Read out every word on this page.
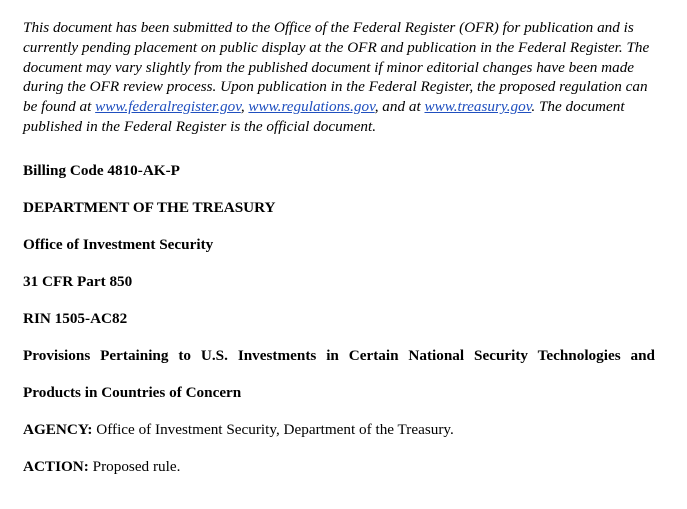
This document has been submitted to the Office of the Federal Register (OFR) for publication and is currently pending placement on public display at the OFR and publication in the Federal Register. The document may vary slightly from the published document if minor editorial changes have been made during the OFR review process. Upon publication in the Federal Register, the proposed regulation can be found at www.federalregister.gov, www.regulations.gov, and at www.treasury.gov. The document published in the Federal Register is the official document.

Billing Code 4810-AK-P

DEPARTMENT OF THE TREASURY

Office of Investment Security

31 CFR Part 850

RIN 1505-AC82

Provisions Pertaining to U.S. Investments in Certain National Security Technologies and

Products in Countries of Concern

AGENCY: Office of Investment Security, Department of the Treasury.

ACTION: Proposed rule.
